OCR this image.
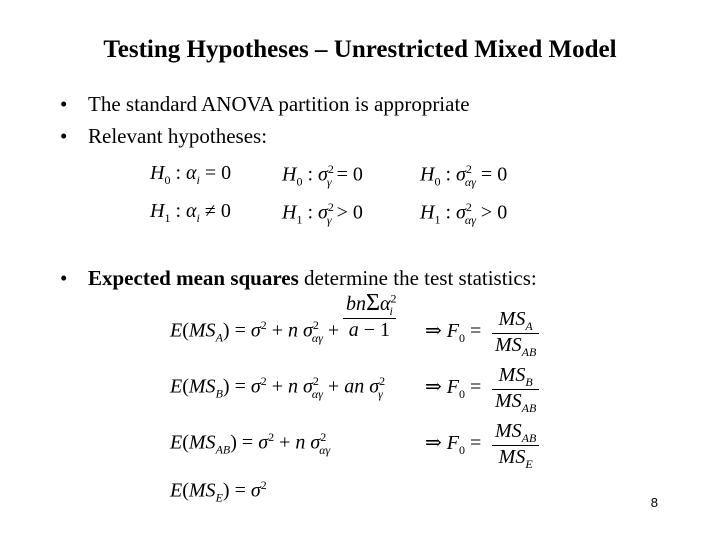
Testing Hypotheses – Unrestricted Mixed Model
• The standard ANOVA partition is appropriate
• Relevant hypotheses:
$H_0$ : $\alpha_i = 0$	$H_0$ : $\sigma^2_\gamma = 0$	$H_0$ : $\sigma^2_{\alpha\gamma} = 0$
$H_1$ : $\alpha_i \ne 0$	$H_1$ : $\sigma^2_\gamma > 0$	$H_1$ : $\sigma^2_{\alpha\gamma} > 0$
• Expected mean squares determine the test statistics:
$E(MS_A) = \sigma^2 + n$ $\sigma^2_{\alpha\gamma} + \frac{bn\Sigma\alpha^2_i}{a - 1}$ ⇒ $F_0 = \frac{MS_A}{MS_{AB}}$
$E(MS_B) = \sigma^2 + n$ $\sigma^2_{\alpha\gamma}$ + an $\sigma^2_\gamma$ ⇒ $F_0 = \frac{MS_B}{MS_{AB}}$
$E(MS_{AB}) = \sigma^2 + n$ $\sigma^2_{\alpha\gamma}$	⇒ $F_0 = \frac{MS_{AB}}{MS_E}$
$E(MS_E) = \sigma^2$
8
